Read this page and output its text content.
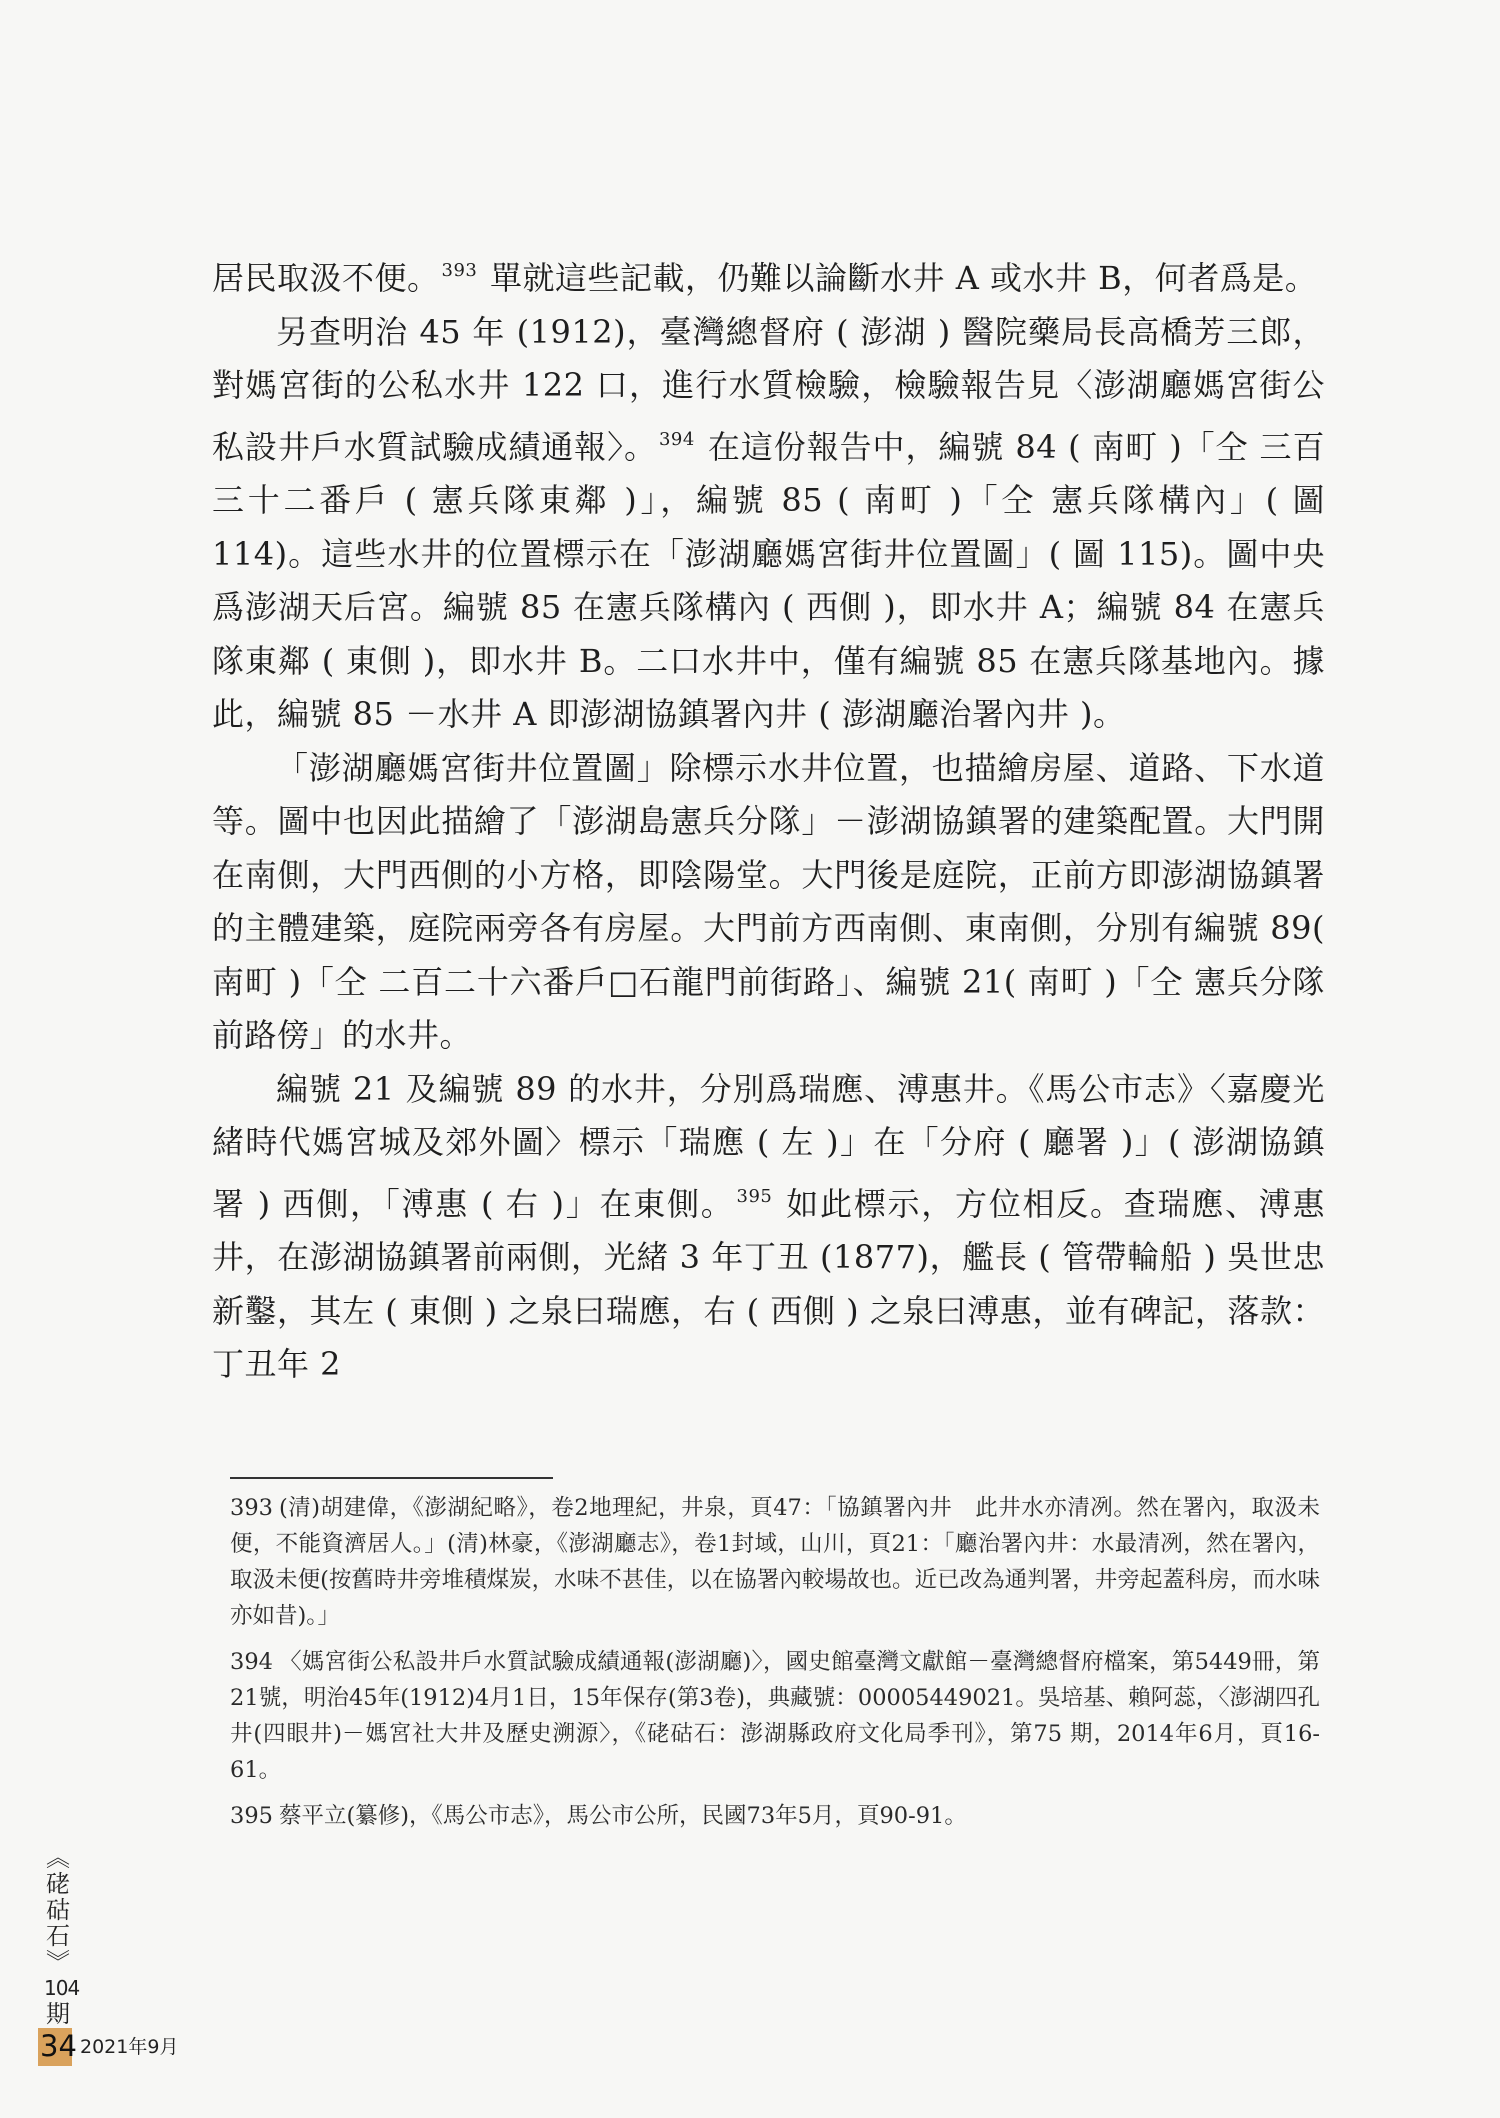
居民取汲不便。 $^{393}$ 單就這些記載，仍難以論斷水井 A 或水井 B，何者爲是。

另查明治 45 年 (1912)，臺灣總督府 ( 澎湖 ) 醫院藥局長高橋芳三郎，對媽宮街的公私水井 122 口，進行水質檢驗，檢驗報告見〈澎湖廳媽宮街公私設井戶水質試驗成績通報〉。 $^{394}$ 在這份報告中，編號 84 ( 南町 )「仝 三百三十二番戶 ( 憲兵隊東鄰 )」，編號 85 ( 南町 )「仝 憲兵隊構內」( 圖 114)。這些水井的位置標示在「澎湖廳媽宮街井位置圖」( 圖 115)。圖中央爲澎湖天后宮。編號 85 在憲兵隊構內 ( 西側 )，即水井 A；編號 84 在憲兵隊東鄰 ( 東側 )，即水井 B。二口水井中，僅有編號 85 在憲兵隊基地內。據此，編號 85 －水井 A 即澎湖協鎮署內井 ( 澎湖廳治署內井 )。

「澎湖廳媽宮街井位置圖」除標示水井位置，也描繪房屋、道路、下水道等。圖中也因此描繪了「澎湖島憲兵分隊」－澎湖協鎮署的建築配置。大門開在南側，大門西側的小方格，即陰陽堂。大門後是庭院，正前方即澎湖協鎮署的主體建築，庭院兩旁各有房屋。大門前方西南側、東南側，分別有編號 89( 南町 )「仝 二百二十六番戶□石龍門前街路」、編號 21( 南町 )「仝 憲兵分隊前路傍」的水井。

編號 21 及編號 89 的水井，分別爲瑞應、溥惠井。《馬公市志》〈嘉慶光緒時代媽宮城及郊外圖〉標示「瑞應 ( 左 )」在「分府 ( 廳署 )」( 澎湖協鎮署 ) 西側，「溥惠 ( 右 )」在東側。 $^{395}$ 如此標示，方位相反。查瑞應、溥惠井，在澎湖協鎮署前兩側，光緒 3 年丁丑 (1877)，艦長 ( 管帶輪船 ) 吳世忠新鑿，其左 ( 東側 ) 之泉曰瑞應，右 ( 西側 ) 之泉曰溥惠，並有碑記，落款：丁丑年 2

393 (清)胡建偉，《澎湖紀略》，卷2地理紀，井泉，頁47：「協鎮署內井　此井水亦清冽。然在署內，取汲未便，不能資濟居人。」(清)林豪，《澎湖廳志》，卷1封域，山川，頁21：「廳治署內井：水最清冽，然在署內，取汲未便(按舊時井旁堆積煤炭，水味不甚佳，以在協署內較場故也。近已改為通判署，井旁起蓋科房，而水味亦如昔)。」

394 〈媽宮街公私設井戶水質試驗成績通報(澎湖廳)〉，國史館臺灣文獻館－臺灣總督府檔案，第5449冊，第21號，明治45年(1912)4月1日，15年保存(第3卷)，典藏號：00005449021。吳培基、賴阿蕊，〈澎湖四孔井(四眼井)－媽宮社大井及歷史溯源〉，《硓𥑮石：澎湖縣政府文化局季刊》，第75 期，2014年6月，頁16-61。

395 蔡平立(纂修)，《馬公市志》，馬公市公所，民國73年5月，頁90-91。

︽
硓
𥑮
石
︾
104
期
34 2021年9月
